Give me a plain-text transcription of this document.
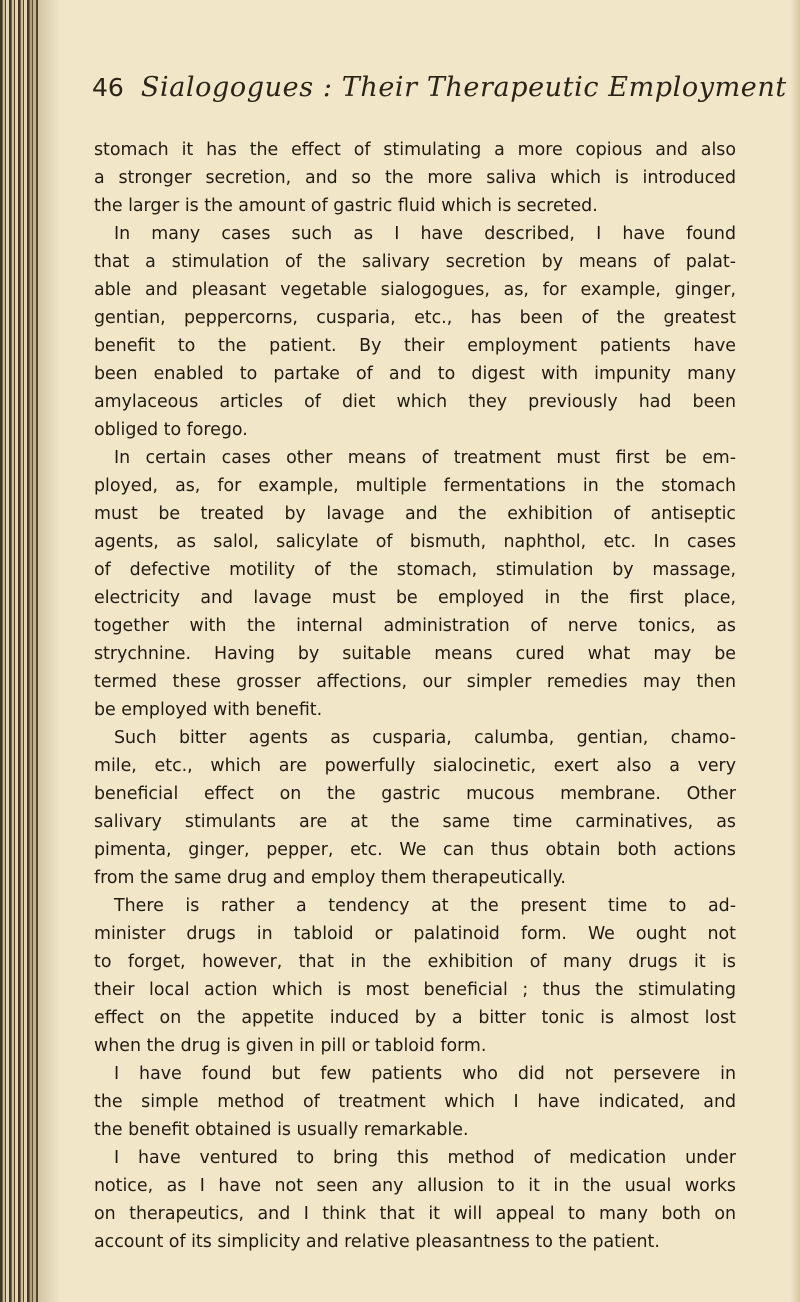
46 Sialogogues : Their Therapeutic Employment
stomach it has the effect of stimulating a more copious and also
a stronger secretion, and so the more saliva which is introduced
the larger is the amount of gastric fluid which is secreted.
In many cases such as I have described, I have found
that a stimulation of the salivary secretion by means of palat-
able and pleasant vegetable sialogogues, as, for example, ginger,
gentian, peppercorns, cusparia, etc., has been of the greatest
benefit to the patient. By their employment patients have
been enabled to partake of and to digest with impunity many
amylaceous articles of diet which they previously had been
obliged to forego.
In certain cases other means of treatment must first be em-
ployed, as, for example, multiple fermentations in the stomach
must be treated by lavage and the exhibition of antiseptic
agents, as salol, salicylate of bismuth, naphthol, etc. In cases
of defective motility of the stomach, stimulation by massage,
electricity and lavage must be employed in the first place,
together with the internal administration of nerve tonics, as
strychnine. Having by suitable means cured what may be
termed these grosser affections, our simpler remedies may then
be employed with benefit.
Such bitter agents as cusparia, calumba, gentian, chamo-
mile, etc., which are powerfully sialocinetic, exert also a very
beneficial effect on the gastric mucous membrane. Other
salivary stimulants are at the same time carminatives, as
pimenta, ginger, pepper, etc. We can thus obtain both actions
from the same drug and employ them therapeutically.
There is rather a tendency at the present time to ad-
minister drugs in tabloid or palatinoid form. We ought not
to forget, however, that in the exhibition of many drugs it is
their local action which is most beneficial ; thus the stimulating
effect on the appetite induced by a bitter tonic is almost lost
when the drug is given in pill or tabloid form.
I have found but few patients who did not persevere in
the simple method of treatment which I have indicated, and
the benefit obtained is usually remarkable.
I have ventured to bring this method of medication under
notice, as I have not seen any allusion to it in the usual works
on therapeutics, and I think that it will appeal to many both on
account of its simplicity and relative pleasantness to the patient.
